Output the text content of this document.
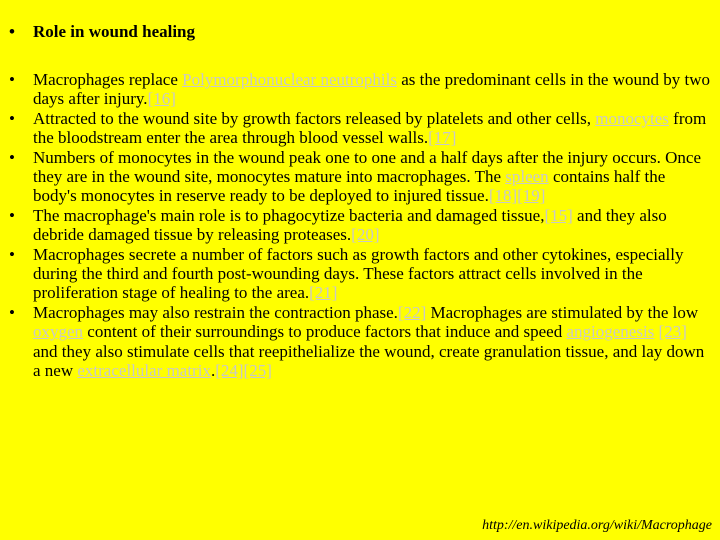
• Role in wound healing
• Macrophages replace Polymorphonuclear neutrophils as the predominant cells in the wound by two days after injury.[16]
• Attracted to the wound site by growth factors released by platelets and other cells, monocytes from the bloodstream enter the area through blood vessel walls.[17]
• Numbers of monocytes in the wound peak one to one and a half days after the injury occurs. Once they are in the wound site, monocytes mature into macrophages. The spleen contains half the body's monocytes in reserve ready to be deployed to injured tissue.[18][19]
• The macrophage's main role is to phagocytize bacteria and damaged tissue,[15] and they also debride damaged tissue by releasing proteases.[20]
• Macrophages secrete a number of factors such as growth factors and other cytokines, especially during the third and fourth post-wounding days. These factors attract cells involved in the proliferation stage of healing to the area.[21]
• Macrophages may also restrain the contraction phase.[22] Macrophages are stimulated by the low oxygen content of their surroundings to produce factors that induce and speed angiogenesis [23] and they also stimulate cells that reepithelialize the wound, create granulation tissue, and lay down a new extracellular matrix.[24][25]
http://en.wikipedia.org/wiki/Macrophage
